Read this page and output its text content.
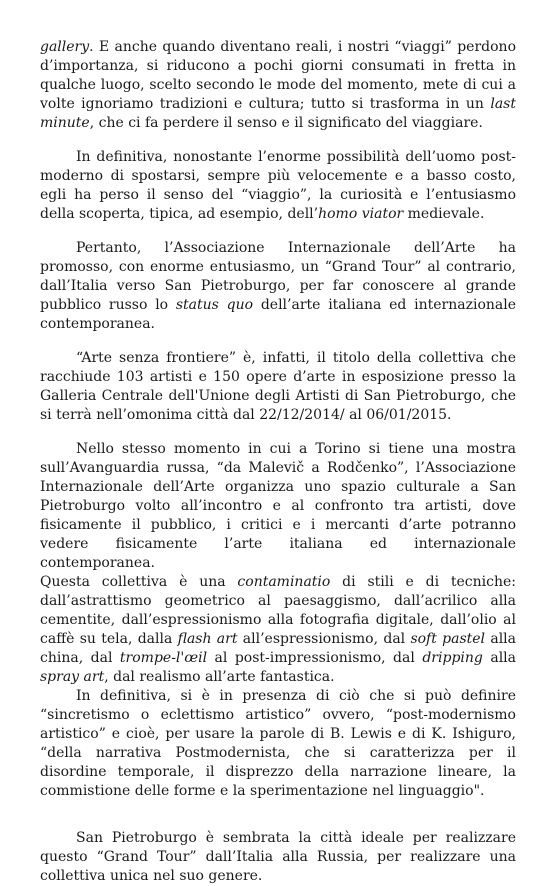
gallery. E anche quando diventano reali, i nostri “viaggi” perdono d’importanza, si riducono a pochi giorni consumati in fretta in qualche luogo, scelto secondo le mode del momento, mete di cui a volte ignoriamo tradizioni e cultura; tutto si trasforma in un last minute, che ci fa perdere il senso e il significato del viaggiare.

In definitiva, nonostante l’enorme possibilità dell’uomo post-moderno di spostarsi, sempre più velocemente e a basso costo, egli ha perso il senso del “viaggio”, la curiosità e l’entusiasmo della scoperta, tipica, ad esempio, dell’homo viator medievale.

Pertanto, l’Associazione Internazionale dell’Arte ha promosso, con enorme entusiasmo, un “Grand Tour” al contrario, dall’Italia verso San Pietroburgo, per far conoscere al grande pubblico russo lo status quo dell’arte italiana ed internazionale contemporanea.

“Arte senza frontiere” è, infatti, il titolo della collettiva che racchiude 103 artisti e 150 opere d’arte in esposizione presso la Galleria Centrale dell'Unione degli Artisti di San Pietroburgo, che si terrà nell’omonima città dal 22/12/2014/ al 06/01/2015.

Nello stesso momento in cui a Torino si tiene una mostra sull’Avanguardia russa, “da Malevič a Rodčenko”, l’Associazione Internazionale dell’Arte organizza uno spazio culturale a San Pietroburgo volto all’incontro e al confronto tra artisti, dove fisicamente il pubblico, i critici e i mercanti d’arte potranno vedere fisicamente l’arte italiana ed internazionale contemporanea.

Questa collettiva è una contaminatio di stili e di tecniche: dall’astrattismo geometrico al paesaggismo, dall’acrilico alla cementite, dall’espressionismo alla fotografia digitale, dall’olio al caffè su tela, dalla flash art all’espressionismo, dal soft pastel alla china, dal trompe-l'œil al post-impressionismo, dal dripping alla spray art, dal realismo all’arte fantastica.

In definitiva, si è in presenza di ciò che si può definire “sincretismo o eclettismo artistico” ovvero, “post-modernismo artistico” e cioè, per usare la parole di B. Lewis e di K. Ishiguro, “della narrativa Postmodernista, che si caratterizza per il disordine temporale, il disprezzo della narrazione lineare, la commistione delle forme e la sperimentazione nel linguaggio".

San Pietroburgo è sembrata la città ideale per realizzare questo “Grand Tour” dall’Italia alla Russia, per realizzare una collettiva unica nel suo genere.
